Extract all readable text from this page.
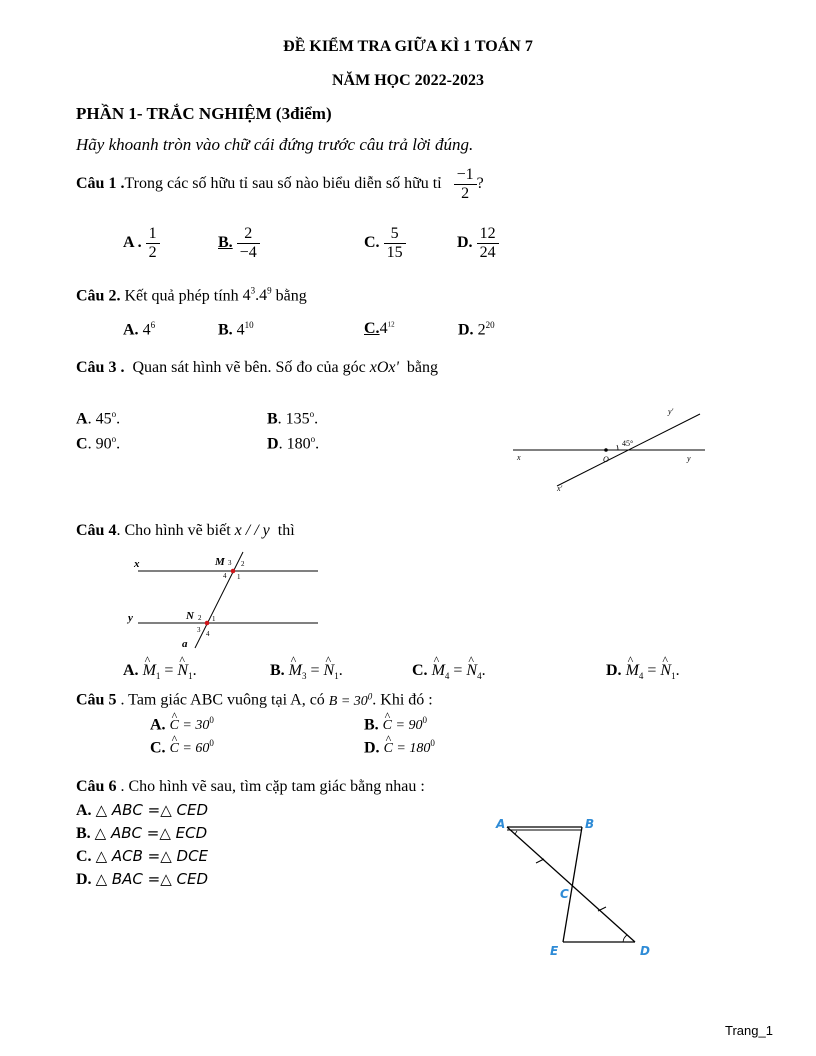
ĐỀ KIỂM TRA GIỮA KÌ 1 TOÁN 7
NĂM HỌC 2022-2023
PHẦN 1- TRẮC NGHIỆM (3điểm)
Hãy khoanh tròn vào chữ cái đứng trước câu trả lời đúng.
Câu 1 .Trong các số hữu tỉ sau số nào biểu diễn số hữu tỉ $\frac{-1}{2}$ ?
A . $\frac{1}{2}$	B. $\frac{2}{-4}$	C. $\frac{5}{15}$	D. $\frac{12}{24}$
Câu 2. Kết quả phép tính $4^3.4^9$ bằng
A. $4^6$	B. $4^{10}$	$C.4^{12}$	D. $2^{20}$
Câu 3 . Quan sát hình vẽ bên. Số đo của góc xOx' bằng
A. 45$^o$.	B. 135$^o$.
C. 90$^o$.	D. 180$^o$.
x	y
O
y'
x'
45°
Câu 4. Cho hình vẽ biết x / / y thì
x
y
M
N
a
3 2
4 1
2 1
3 4
A. ^ $M_1$ = ^ $N_1$.	B. ^ $M_3$ = ^ $N_1$.	C. ^ $M_4$ = ^ $N_4$.	D. ^ $M_4$ = ^ $N_1$.
Câu 5 . Tam giác ABC vuông tại A, có $B = 30^0$. Khi đó :
A. ^ $C = 30^0$	B. ^ $C = 90^0$
C. ^ $C = 60^0$	D. ^ $C = 180^0$
Câu 6 . Cho hình vẽ sau, tìm cặp tam giác bằng nhau :
A. △ ABC =△ CED
B. △ ABC =△ ECD
C. △ ACB =△ DCE
D. △ BAC =△ CED
A	B
C
E	D
Trang_1
